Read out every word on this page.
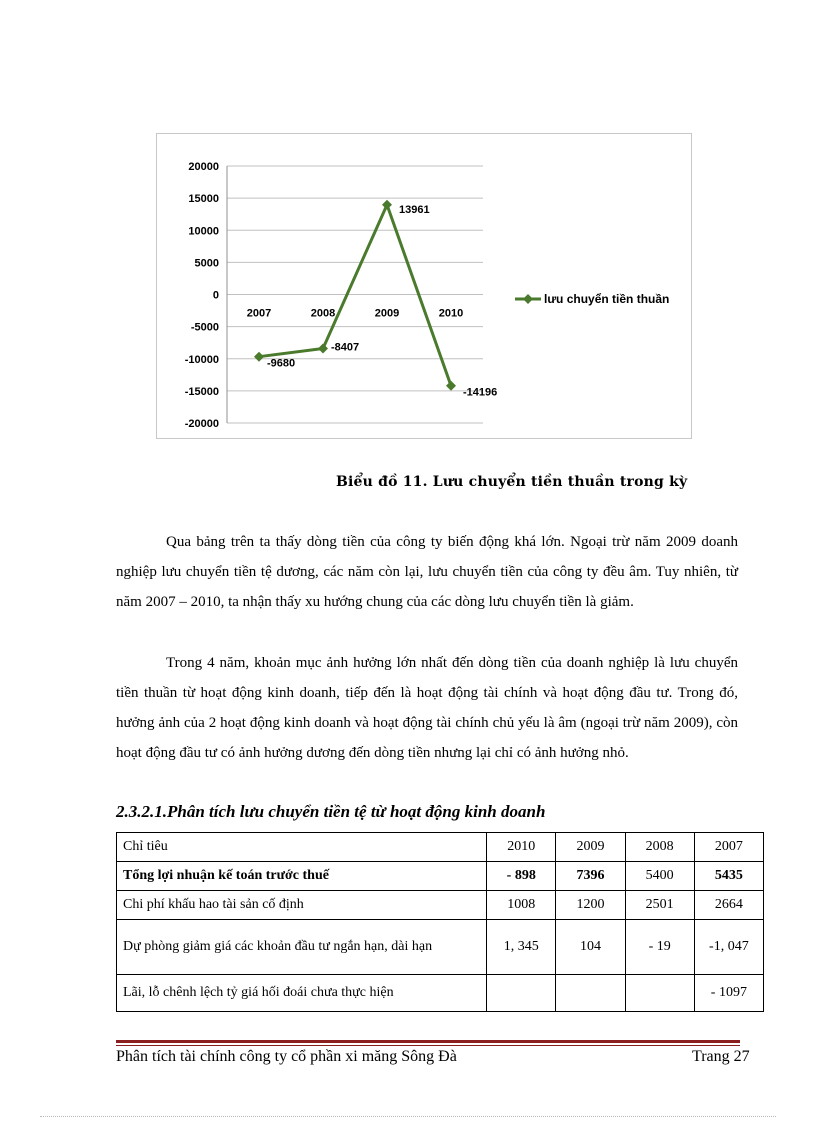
20000
15000
10000
5000
0
-5000
-10000
-15000
-20000
2007	2008	2009	2010
-9680
-8407
13961
-14196
lưu chuyển tiền thuần
Biểu đồ 11. Lưu chuyển tiền thuần trong kỳ

Qua bảng trên ta thấy dòng tiền của công ty biến động khá lớn. Ngoại trừ năm 2009 doanh nghiệp lưu chuyển tiền tệ dương, các năm còn lại, lưu chuyển tiền của công ty đều âm. Tuy nhiên, từ năm 2007 – 2010, ta nhận thấy xu hướng chung của các dòng lưu chuyển tiền là giảm.

Trong 4 năm, khoản mục ảnh hưởng lớn nhất đến dòng tiền của doanh nghiệp là lưu chuyển tiền thuần từ hoạt động kinh doanh, tiếp đến là hoạt động tài chính và hoạt động đầu tư. Trong đó, hưởng ảnh của 2 hoạt động kinh doanh và hoạt động tài chính chủ yếu là âm (ngoại trừ năm 2009), còn hoạt động đầu tư có ảnh hưởng dương đến dòng tiền nhưng lại chỉ có ảnh hưởng nhỏ.

2.3.2.1.Phân tích lưu chuyển tiền tệ từ hoạt động kinh doanh
Chỉ tiêu	2010	2009	2008	2007
Tổng lợi nhuận kế toán trước thuế	- 898	7396	5400	5435
Chi phí khấu hao tài sản cố định	1008	1200	2501	2664
Dự phòng giảm giá các khoản đầu tư ngắn hạn, dài hạn	1, 345	104	- 19	-1, 047
Lãi, lỗ chênh lệch tỷ giá hối đoái chưa thực hiện				- 1097
Phân tích tài chính công ty cổ phần xi măng Sông Đà	Trang 27
